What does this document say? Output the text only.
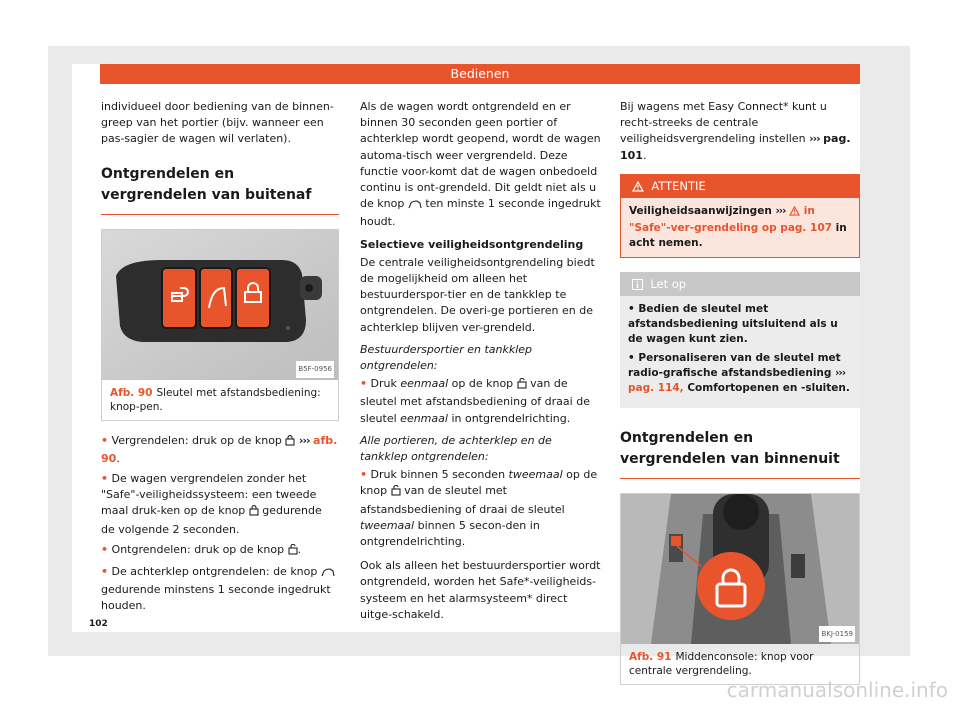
Bedienen

individueel door bediening van de binnen-greep van het portier (bijv. wanneer een pas-sagier de wagen wil verlaten).

Ontgrendelen en vergrendelen van buitenaf
B5F-0956
Afb. 90 Sleutel met afstandsbediening: knop-pen.
• Vergrendelen: druk op de knop ››› afb. 90.
• De wagen vergrendelen zonder het "Safe"-veiligheidssysteem: een tweede maal druk-ken op de knop gedurende de volgende 2 seconden.
• Ontgrendelen: druk op de knop .
• De achterklep ontgrendelen: de knop  gedurende minstens 1 seconde ingedrukt houden.

Als de wagen wordt ontgrendeld en er binnen 30 seconden geen portier of achterklep wordt geopend, wordt de wagen automa-tisch weer vergrendeld. Deze functie voor-komt dat de wagen onbedoeld continu is ont-grendeld. Dit geldt niet als u de knop ten minste 1 seconde ingedrukt houdt.

Selectieve veiligheidsontgrendeling

De centrale veiligheidsontgrendeling biedt de mogelijkheid om alleen het bestuurderspor-tier en de tankklep te ontgrendelen. De overi-ge portieren en de achterklep blijven ver-grendeld.

Bestuurdersportier en tankklep ontgrendelen:

• Druk eenmaal op de knop van de sleutel met afstandsbediening of draai de sleutel eenmaal in ontgrendelrichting.

Alle portieren, de achterklep en de tankklep ontgrendelen:

• Druk binnen 5 seconden tweemaal op de knop van de sleutel met afstandsbediening of draai de sleutel tweemaal binnen 5 secon-den in ontgrendelrichting.

Ook als alleen het bestuurdersportier wordt ontgrendeld, worden het Safe*-veiligheids-systeem en het alarmsysteem* direct uitge-schakeld.

Bij wagens met Easy Connect* kunt u recht-streeks de centrale veiligheidsvergrendeling instellen ››› pag. 101.

ATTENTIE
Veiligheidsaanwijzingen ››› in "Safe"-ver-grendeling op pag. 107 in acht nemen.
Let op
• Bedien de sleutel met afstandsbediening uitsluitend als u de wagen kunt zien.
• Personaliseren van de sleutel met radio-grafische afstandsbediening ››› pag. 114, Comfortopenen en -sluiten.
Ontgrendelen en vergrendelen van binnenuit
BKJ-0159
Afb. 91 Middenconsole: knop voor centrale vergrendeling.
102
carmanualsonline.info
